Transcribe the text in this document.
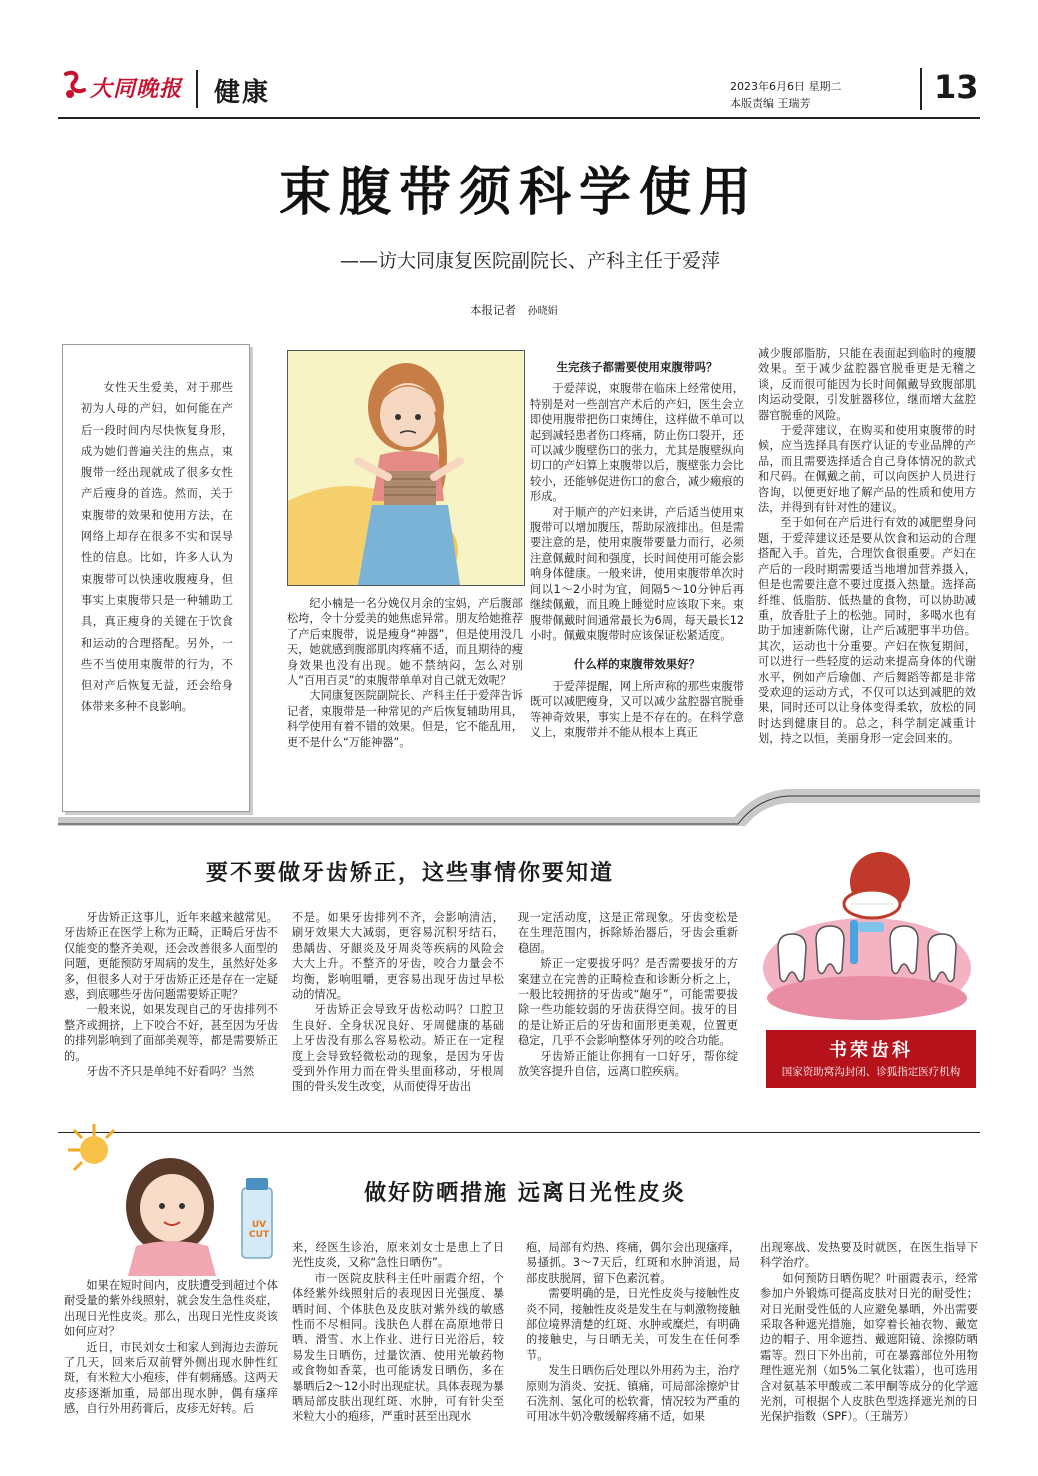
大同晚报 健康	2023年6月6日 星期二
本版责编 王瑞芳	13
束腹带须科学使用
——访大同康复医院副院长、产科主任于爱萍
本报记者 孙晓娟
女性天生爱美，对于那些初为人母的产妇，如何能在产后一段时间内尽快恢复身形，成为她们普遍关注的焦点，束腹带一经出现就成了很多女性产后瘦身的首选。然而，关于束腹带的效果和使用方法，在网络上却存在很多不实和误导性的信息。比如，许多人认为束腹带可以快速收腹瘦身，但事实上束腹带只是一种辅助工具，真正瘦身的关键在于饮食和运动的合理搭配。另外，一些不当使用束腹带的行为，不但对产后恢复无益，还会给身体带来多种不良影响。

纪小楠是一名分娩仅月余的宝妈，产后腹部松垮，令十分爱美的她焦虑异常。朋友给她推荐了产后束腹带，说是瘦身“神器”，但是使用没几天，她就感到腹部肌肉疼痛不适，而且期待的瘦身效果也没有出现。她不禁纳闷，怎么对别人“百用百灵”的束腹带单单对自己就无效呢？

大同康复医院副院长、产科主任于爱萍告诉记者，束腹带是一种常见的产后恢复辅助用具，科学使用有着不错的效果。但是，它不能乱用，更不是什么“万能神器”。

生完孩子都需要使用束腹带吗？

于爱萍说，束腹带在临床上经常使用，特别是对一些剖宫产术后的产妇，医生会立即使用腹带把伤口束缚住，这样做不单可以起到减轻患者伤口疼痛，防止伤口裂开，还可以减少腹壁伤口的张力，尤其是腹壁纵向切口的产妇算上束腹带以后，腹壁张力会比较小，还能够促进伤口的愈合，减少瘢痕的形成。

对于顺产的产妇来讲，产后适当使用束腹带可以增加腹压，帮助尿液排出。但是需要注意的是，使用束腹带要量力而行，必须注意佩戴时间和强度，长时间使用可能会影响身体健康。一般来讲，使用束腹带单次时间以1～2小时为宜，间隔5～10分钟后再继续佩戴，而且晚上睡觉时应该取下来。束腹带佩戴时间通常最长为6周，每天最长12小时。佩戴束腹带时应该保证松紧适度。

什么样的束腹带效果好？

于爱萍提醒，网上所声称的那些束腹带既可以减肥瘦身，又可以减少盆腔器官脱垂等神奇效果，事实上是不存在的。在科学意义上，束腹带并不能从根本上真正

减少腹部脂肪，只能在表面起到临时的瘦腰效果。至于减少盆腔器官脱垂更是无稽之谈，反而很可能因为长时间佩戴导致腹部肌肉运动受限，引发脏器移位，继而增大盆腔器官脱垂的风险。

于爱萍建议，在购买和使用束腹带的时候，应当选择具有医疗认证的专业品牌的产品，而且需要选择适合自己身体情况的款式和尺码。在佩戴之前，可以向医护人员进行咨询，以便更好地了解产品的性质和使用方法，并得到有针对性的建议。

至于如何在产后进行有效的减肥塑身问题，于爱萍建议还是要从饮食和运动的合理搭配入手。首先，合理饮食很重要。产妇在产后的一段时期需要适当地增加营养摄入，但是也需要注意不要过度摄入热量。选择高纤维、低脂肪、低热量的食物，可以协助减重，放香肚子上的松弛。同时，多喝水也有助于加速新陈代谢，让产后减肥事半功倍。其次，运动也十分重要。产妇在恢复期间，可以进行一些轻度的运动来提高身体的代谢水平，例如产后瑜伽、产后舞蹈等都是非常受欢迎的运动方式，不仅可以达到减肥的效果，同时还可以让身体变得柔软，放松的同时达到健康目的。总之，科学制定减重计划，持之以恒，美丽身形一定会回来的。

要不要做牙齿矫正，这些事情你要知道

牙齿矫正这事儿，近年来越来越常见。牙齿矫正在医学上称为正畸，正畸后牙齿不仅能变的整齐美观，还会改善很多人面型的问题，更能预防牙周病的发生，虽然好处多多，但很多人对于牙齿矫正还是存在一定疑惑，到底哪些牙齿问题需要矫正呢？

一般来说，如果发现自己的牙齿排列不整齐或拥挤，上下咬合不好，甚至因为牙齿的排列影响到了面部美观等，都是需要矫正的。

牙齿不齐只是单纯不好看吗？当然

不是。如果牙齿排列不齐，会影响清洁，刷牙效果大大减弱，更容易沉积牙结石，患龋齿、牙龈炎及牙周炎等疾病的风险会大大上升。不整齐的牙齿，咬合力量会不均衡，影响咀嚼，更容易出现牙齿过早松动的情况。

牙齿矫正会导致牙齿松动吗？口腔卫生良好、全身状况良好、牙周健康的基础上牙齿没有那么容易松动。矫正在一定程度上会导致轻微松动的现象，是因为牙齿受到外作用力而在骨头里面移动，牙根周围的骨头发生改变，从而使得牙齿出

现一定活动度，这是正常现象。牙齿变松是在生理范围内，拆除矫治器后，牙齿会重新稳固。

矫正一定要拔牙吗？是否需要拔牙的方案建立在完善的正畸检查和诊断分析之上，一般比较拥挤的牙齿或“龅牙”，可能需要拔除一些功能较弱的牙齿获得空间。拔牙的目的是让矫正后的牙齿和面形更美观，位置更稳定，几乎不会影响整体牙列的咬合功能。

牙齿矫正能让你拥有一口好牙，帮你绽放笑容提升自信，远离口腔疾病。

书荣齿科
国家资助窝沟封闭、诊狐指定医疗机构
UV CUT
做好防晒措施 远离日光性皮炎

如果在短时间内，皮肤遭受到超过个体耐受量的紫外线照射，就会发生急性炎症，出现日光性皮炎。那么，出现日光性皮炎该如何应对？

近日，市民刘女士和家人到海边去游玩了几天，回来后双前臂外侧出现水肿性红斑，有米粒大小疱疹，伴有刺痛感。这两天皮疹逐渐加重，局部出现水肿，偶有瘙痒感，自行外用药膏后，皮疹无好转。后

来，经医生诊治，原来刘女士是患上了日光性皮炎，又称“急性日晒伤”。

市一医院皮肤科主任叶丽霞介绍，个体经紫外线照射后的表现因日光强度、暴晒时间、个体肤色及皮肤对紫外线的敏感性而不尽相同。浅肤色人群在高原地带日晒、滑雪、水上作业、进行日光浴后，较易发生日晒伤，过量饮酒、使用光敏药物或食物如香菜，也可能诱发日晒伤，多在暴晒后2～12小时出现症状。具体表现为暴晒局部皮肤出现红斑、水肿，可有针尖至米粒大小的疱疹，严重时甚至出现水

疱，局部有灼热、疼痛，偶尔会出现瘙痒，易搔抓。3～7天后，红斑和水肿消退，局部皮肤脱屑，留下色素沉着。

需要明确的是，日光性皮炎与接触性皮炎不同，接触性皮炎是发生在与刺激物接触部位境界清楚的红斑、水肿或糜烂，有明确的接触史，与日晒无关，可发生在任何季节。

发生日晒伤后处理以外用药为主，治疗原则为消炎、安抚、镇痛，可局部涂擦炉甘石洗剂、氢化可的松软膏，情况较为严重的可用冰牛奶冷敷缓解疼痛不适，如果

出现寒战、发热要及时就医，在医生指导下科学治疗。

如何预防日晒伤呢？叶丽霞表示，经常参加户外锻炼可提高皮肤对日光的耐受性；对日光耐受性低的人应避免暴晒，外出需要采取各种遮光措施，如穿着长袖衣物、戴宽边的帽子、用伞遮挡、戴遮阳镜、涂擦防晒霜等。烈日下外出前，可在暴露部位外用物理性遮光剂（如5%二氧化钛霜），也可选用含对氨基苯甲酸或二苯甲酮等成分的化学遮光剂，可根据个人皮肤色型选择遮光剂的日光保护指数（SPF）。（王瑞芳）
